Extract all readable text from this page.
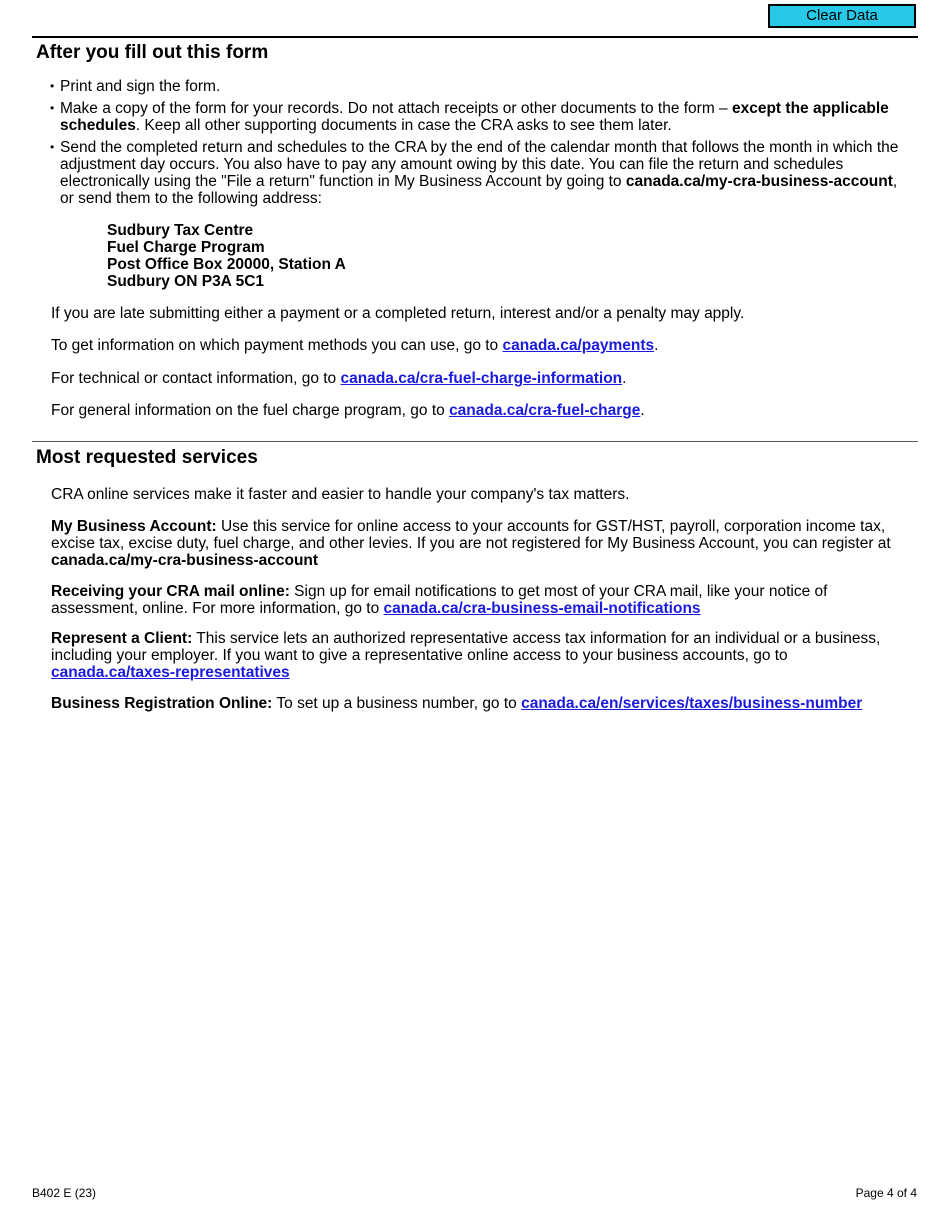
Clear Data
After you fill out this form
• Print and sign the form.
• Make a copy of the form for your records. Do not attach receipts or other documents to the form – except the applicable schedules. Keep all other supporting documents in case the CRA asks to see them later.
• Send the completed return and schedules to the CRA by the end of the calendar month that follows the month in which the adjustment day occurs. You also have to pay any amount owing by this date. You can file the return and schedules electronically using the "File a return" function in My Business Account by going to canada.ca/my-cra-business-account, or send them to the following address:
Sudbury Tax Centre
Fuel Charge Program
Post Office Box 20000, Station A
Sudbury ON P3A 5C1

If you are late submitting either a payment or a completed return, interest and/or a penalty may apply.

To get information on which payment methods you can use, go to canada.ca/payments.

For technical or contact information, go to canada.ca/cra-fuel-charge-information.

For general information on the fuel charge program, go to canada.ca/cra-fuel-charge.

Most requested services

CRA online services make it faster and easier to handle your company's tax matters.

My Business Account: Use this service for online access to your accounts for GST/HST, payroll, corporation income tax, excise tax, excise duty, fuel charge, and other levies. If you are not registered for My Business Account, you can register at canada.ca/my-cra-business-account

Receiving your CRA mail online: Sign up for email notifications to get most of your CRA mail, like your notice of assessment, online. For more information, go to canada.ca/cra-business-email-notifications

Represent a Client: This service lets an authorized representative access tax information for an individual or a business, including your employer. If you want to give a representative online access to your business accounts, go to canada.ca/taxes-representatives

Business Registration Online: To set up a business number, go to canada.ca/en/services/taxes/business-number

B402 E (23)	Page 4 of 4
